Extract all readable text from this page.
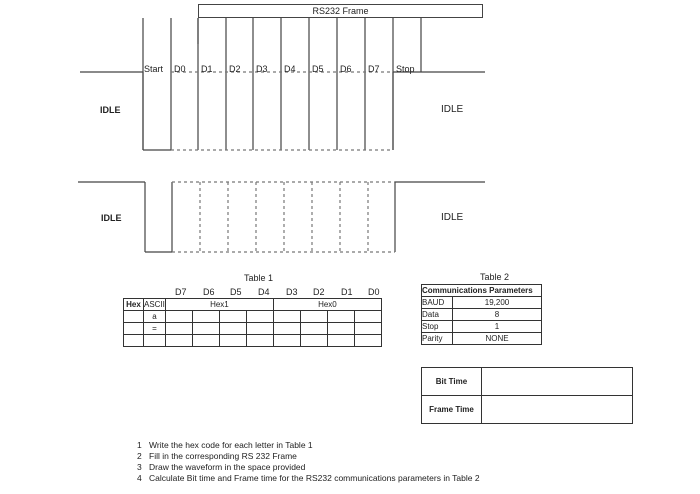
RS232 Frame
Start D0 D1 D2 D3 D4 D5 D6 D7 Stop
IDLE	IDLE
IDLE	IDLE
Table 1
D7 D6 D5 D4 D3 D2 D1 D0
Hex	ASCII	Hex1				Hex0			
	a								
	=								

Table 2
Communications Parameters	
BAUD	19,200
Data	8
Stop	1
Parity	NONE
Bit Time
Frame Time
1 Write the hex code for each letter in Table 1
2 Fill in the corresponding RS 232 Frame
3 Draw the waveform in the space provided
4 Calculate Bit time and Frame time for the RS232 communications parameters in Table 2
